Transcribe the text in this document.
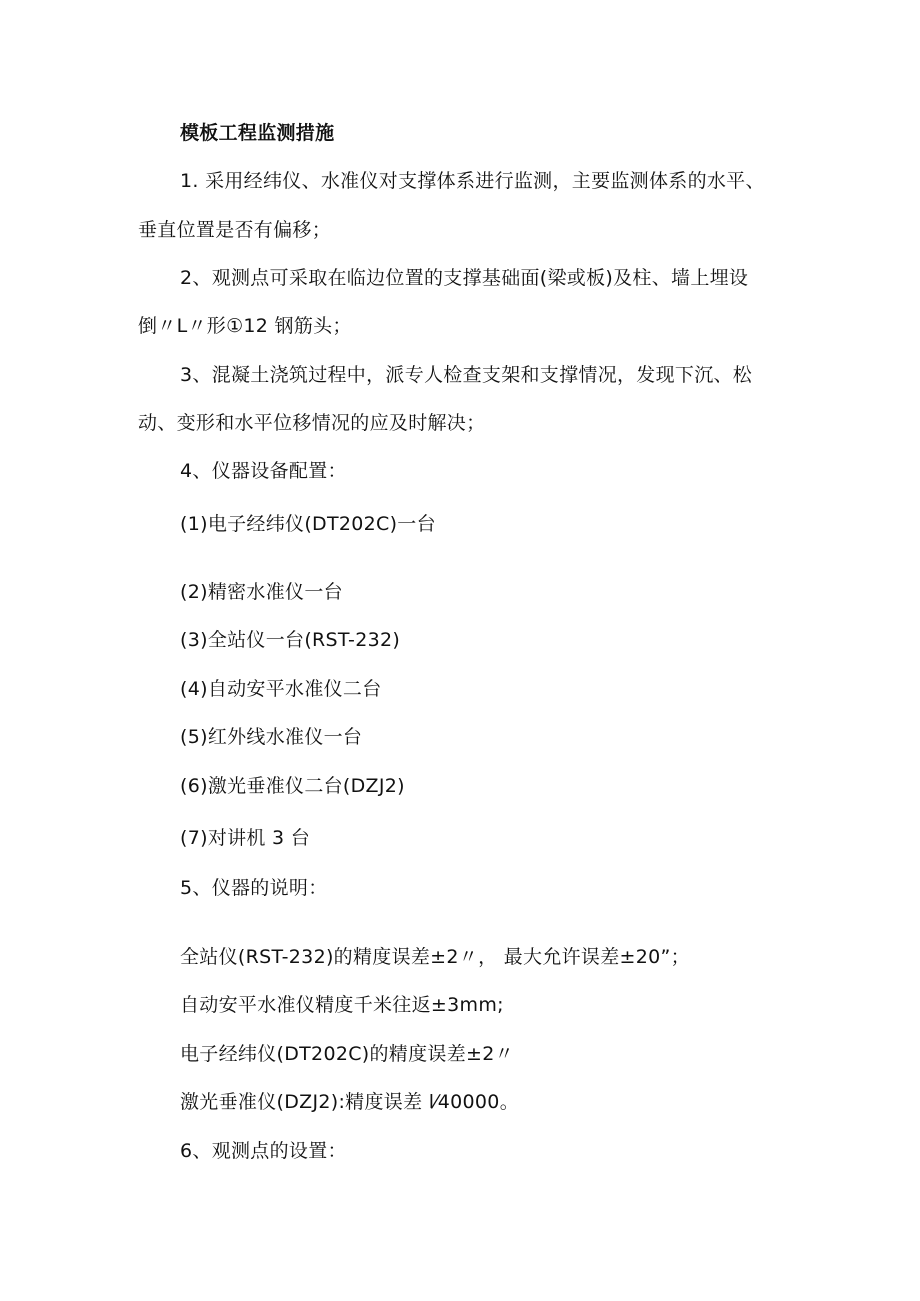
模板工程监测措施
1. 采用经纬仪、水准仪对支撑体系进行监测，主要监测体系的水平、
垂直位置是否有偏移；
2、观测点可采取在临边位置的支撑基础面(梁或板)及柱、墙上埋设
倒〃L〃形①12 钢筋头；
3、混凝土浇筑过程中，派专人检查支架和支撑情况，发现下沉、松
动、变形和水平位移情况的应及时解决；
4、仪器设备配置：
(1)电子经纬仪(DT202C)一台
(2)精密水准仪一台
(3)全站仪一台(RST-232)
(4)自动安平水准仪二台
(5)红外线水准仪一台
(6)激光垂准仪二台(DZJ2)
(7)对讲机 3 台
5、仪器的说明：
全站仪(RST-232)的精度误差±2〃， 最大允许误差±20”；
自动安平水准仪精度千米往返±3mm;
电子经纬仪(DT202C)的精度误差±2〃
激光垂准仪(DZJ2):精度误差 l⁄40000。
6、观测点的设置：
